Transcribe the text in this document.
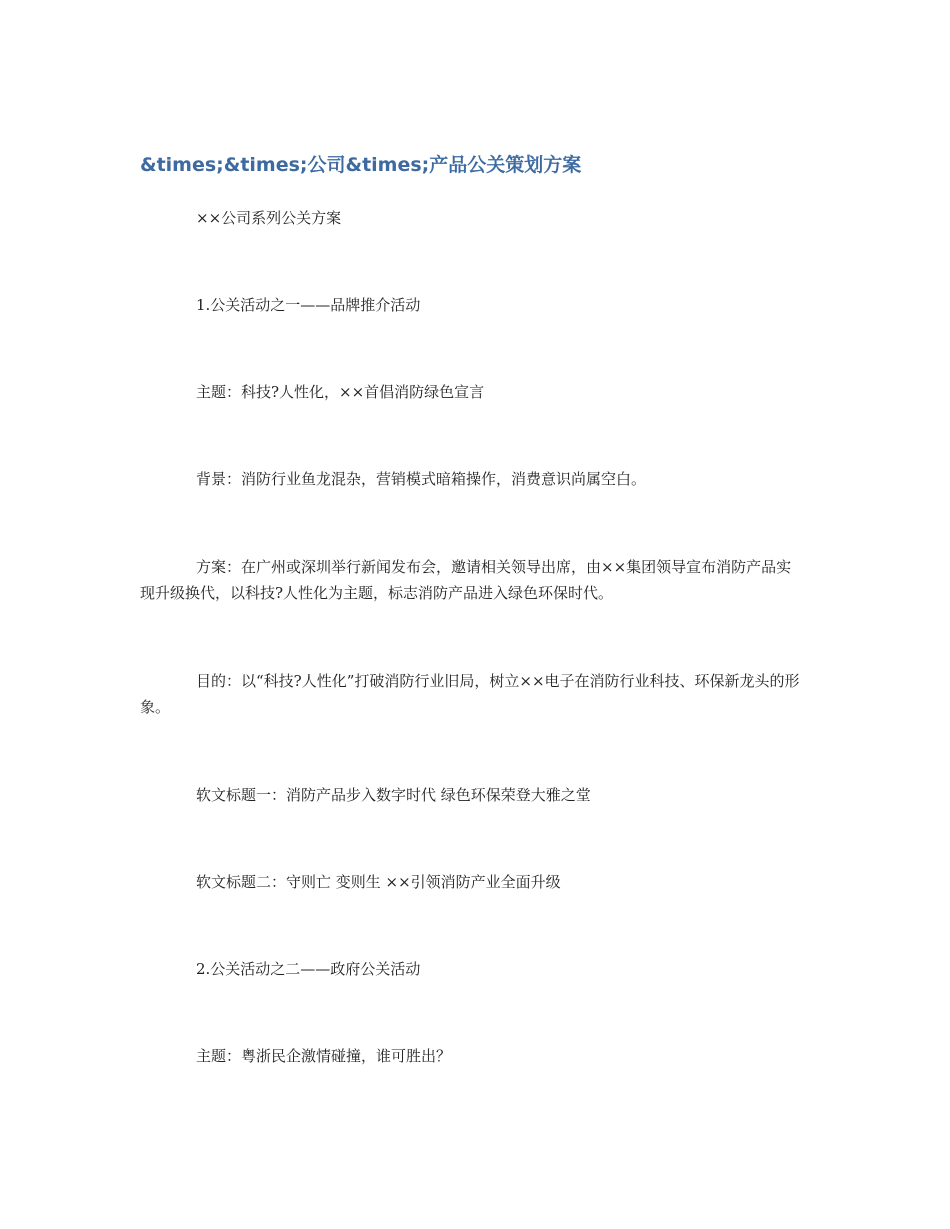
&times;&times;公司&times;产品公关策划方案

××公司系列公关方案

1.公关活动之一——品牌推介活动

主题：科技?人性化，××首倡消防绿色宣言

背景：消防行业鱼龙混杂，营销模式暗箱操作，消费意识尚属空白。

方案：在广州或深圳举行新闻发布会，邀请相关领导出席，由××集团领导宣布消防产品实现升级换代，以科技?人性化为主题，标志消防产品进入绿色环保时代。

目的：以“科技?人性化”打破消防行业旧局，树立××电子在消防行业科技、环保新龙头的形象。

软文标题一：消防产品步入数字时代 绿色环保荣登大雅之堂

软文标题二：守则亡 变则生 ××引领消防产业全面升级

2.公关活动之二——政府公关活动

主题：粤浙民企激情碰撞，谁可胜出？
